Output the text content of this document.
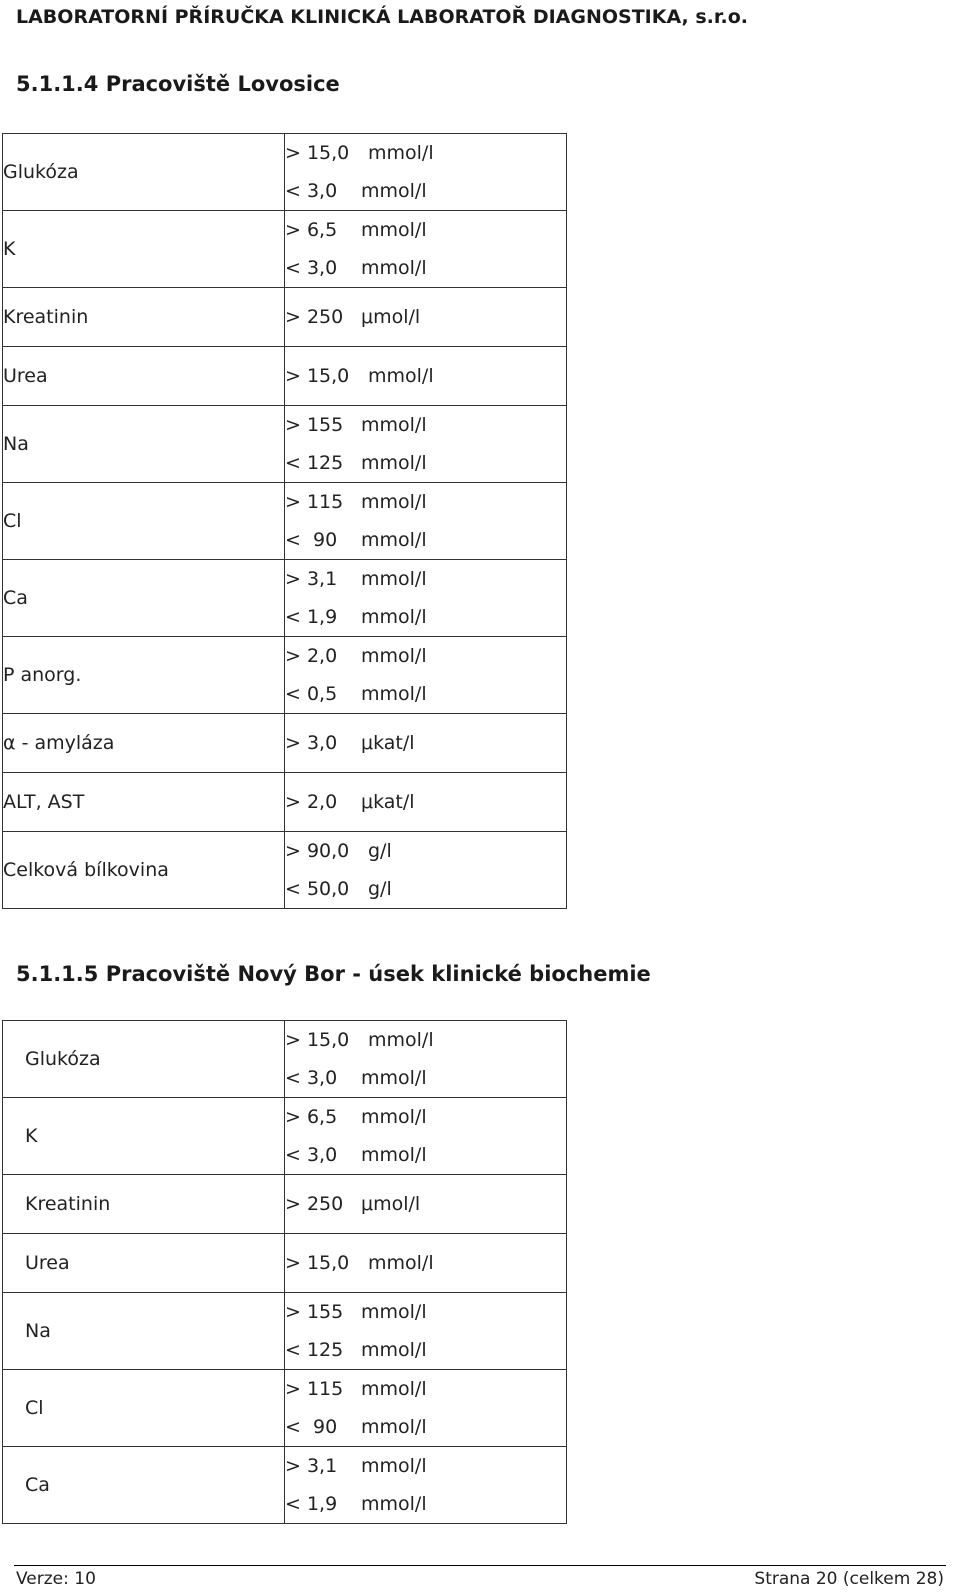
LABORATORNÍ PŘÍRUČKA KLINICKÁ LABORATOŘ DIAGNOSTIKA, s.r.o.
5.1.1.4 Pracoviště Lovosice
Glukóza	> 15,0 mmol/l
< 3,0 mmol/l

K	> 6,5 mmol/l
< 3,0 mmol/l

Kreatinin	> 250 μmol/l

Urea	> 15,0 mmol/l

Na	> 155 mmol/l
< 125 mmol/l

Cl	> 115 mmol/l
<  90 mmol/l

Ca	> 3,1 mmol/l
< 1,9 mmol/l

P anorg.	> 2,0 mmol/l
< 0,5 mmol/l

α - amyláza	> 3,0 μkat/l

ALT, AST	> 2,0 μkat/l

Celková bílkovina	> 90,0 g/l
< 50,0 g/l
5.1.1.5 Pracoviště Nový Bor - úsek klinické biochemie
Glukóza	> 15,0 mmol/l
< 3,0 mmol/l

K	> 6,5 mmol/l
< 3,0 mmol/l

Kreatinin	> 250 μmol/l

Urea	> 15,0 mmol/l

Na	> 155 mmol/l
< 125 mmol/l

Cl	> 115 mmol/l
<  90 mmol/l

Ca	> 3,1 mmol/l
< 1,9 mmol/l
Verze: 10	Strana 20 (celkem 28)
